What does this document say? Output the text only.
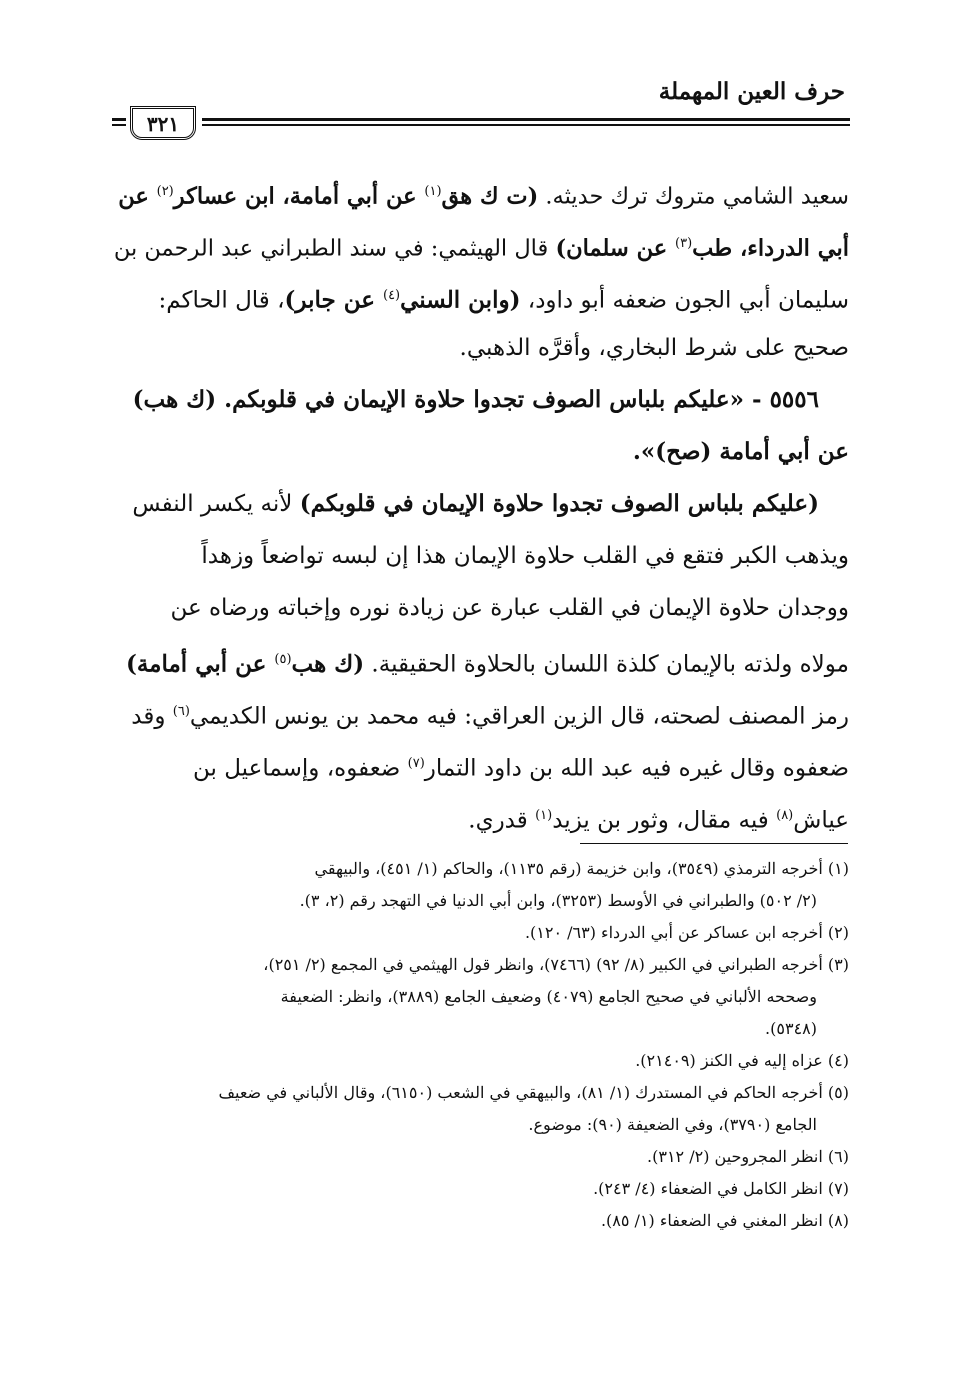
حرف العين المهملة
٣٢١
سعيد الشامي متروك ترك حديثه. (ت ك هق$^{(١)}$ عن أبي أمامة، ابن عساكر$^{(٢)}$ عن
أبي الدرداء، طب$^{(٣)}$ عن سلمان) قال الهيثمي: في سند الطبراني عبد الرحمن بن
سليمان أبي الجون ضعفه أبو داود، (وابن السني$^{(٤)}$ عن جابر)، قال الحاكم:
صحيح على شرط البخاري، وأقرَّه الذهبي.
٥٥٥٦ - «عليكم بلباس الصوف تجدوا حلاوة الإيمان في قلوبكم. (ك هب)
عن أبي أمامة (صح)».
(عليكم بلباس الصوف تجدوا حلاوة الإيمان في قلوبكم) لأنه يكسر النفس
ويذهب الكبر فتقع في القلب حلاوة الإيمان هذا إن لبسه تواضعاً وزهداً
ووجدان حلاوة الإيمان في القلب عبارة عن زيادة نوره وإخباته ورضاه عن
مولاه ولذته بالإيمان كلذة اللسان بالحلاوة الحقيقية. (ك هب$^{(٥)}$ عن أبي أمامة)
رمز المصنف لصحته، قال الزين العراقي: فيه محمد بن يونس الكديمي$^{(٦)}$ وقد
ضعفوه وقال غيره فيه عبد الله بن داود التمار$^{(٧)}$ ضعفوه، وإسماعيل بن
عياش$^{(٨)}$ فيه مقال، وثور بن يزيد$^{(١)}$ قدري.
(١) أخرجه الترمذي (٣٥٤٩)، وابن خزيمة (رقم ١١٣٥)، والحاكم (١/ ٤٥١)، والبيهقي
(٢/ ٥٠٢) والطبراني في الأوسط (٣٢٥٣)، وابن أبي الدنيا في التهجد رقم (٢، ٣).
(٢) أخرجه ابن عساكر عن أبي الدرداء (٦٣/ ١٢٠).
(٣) أخرجه الطبراني في الكبير (٨/ ٩٢) (٧٤٦٦)، وانظر قول الهيثمي في المجمع (٢/ ٢٥١)،
وصححه الألباني في صحيح الجامع (٤٠٧٩) وضعيف الجامع (٣٨٨٩)، وانظر: الضعيفة
(٥٣٤٨).
(٤) عزاه إليه في الكنز (٢١٤٠٩).
(٥) أخرجه الحاكم في المستدرك (١/ ٨١)، والبيهقي في الشعب (٦١٥٠)، وقال الألباني في ضعيف
الجامع (٣٧٩٠)، وفي الضعيفة (٩٠): موضوع.
(٦) انظر المجروحين (٢/ ٣١٢).
(٧) انظر الكامل في الضعفاء (٤/ ٢٤٣).
(٨) انظر المغني في الضعفاء (١/ ٨٥).
